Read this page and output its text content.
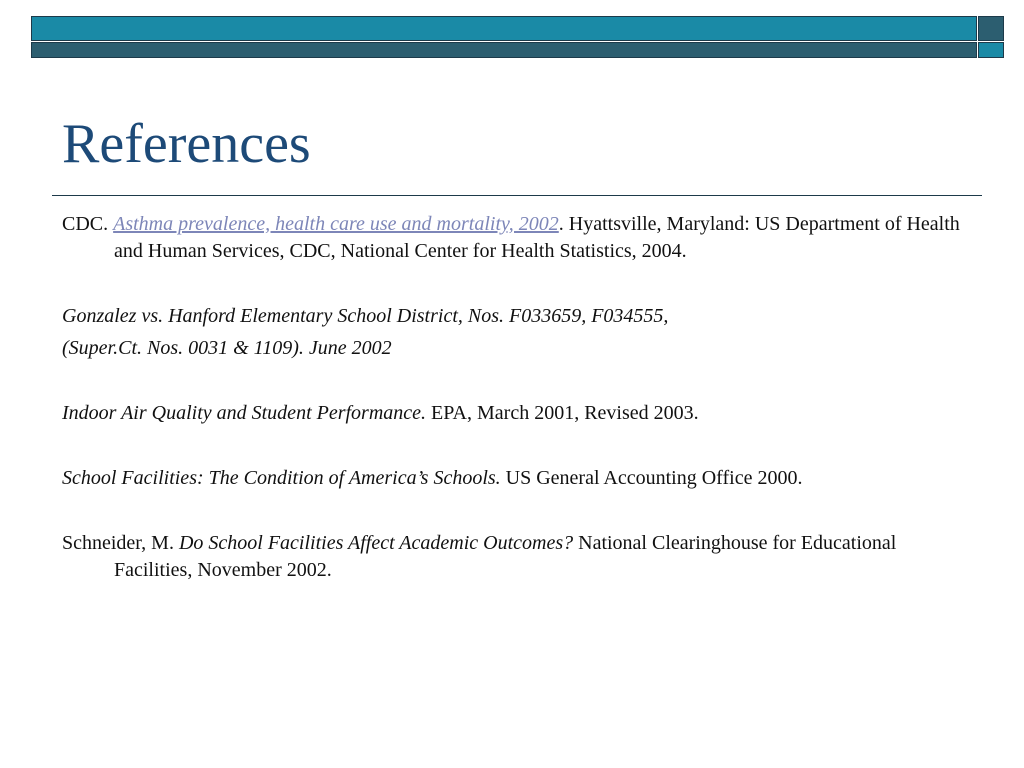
References

CDC. Asthma prevalence, health care use and mortality, 2002. Hyattsville, Maryland: US Department of Health and Human Services, CDC, National Center for Health Statistics, 2004.

Gonzalez vs. Hanford Elementary School District, Nos. F033659, F034555,

(Super.Ct. Nos. 0031 & 1109). June 2002

Indoor Air Quality and Student Performance. EPA, March 2001, Revised 2003.

School Facilities: The Condition of America’s Schools. US General Accounting Office 2000.

Schneider, M. Do School Facilities Affect Academic Outcomes? National Clearinghouse for Educational Facilities, November 2002.
